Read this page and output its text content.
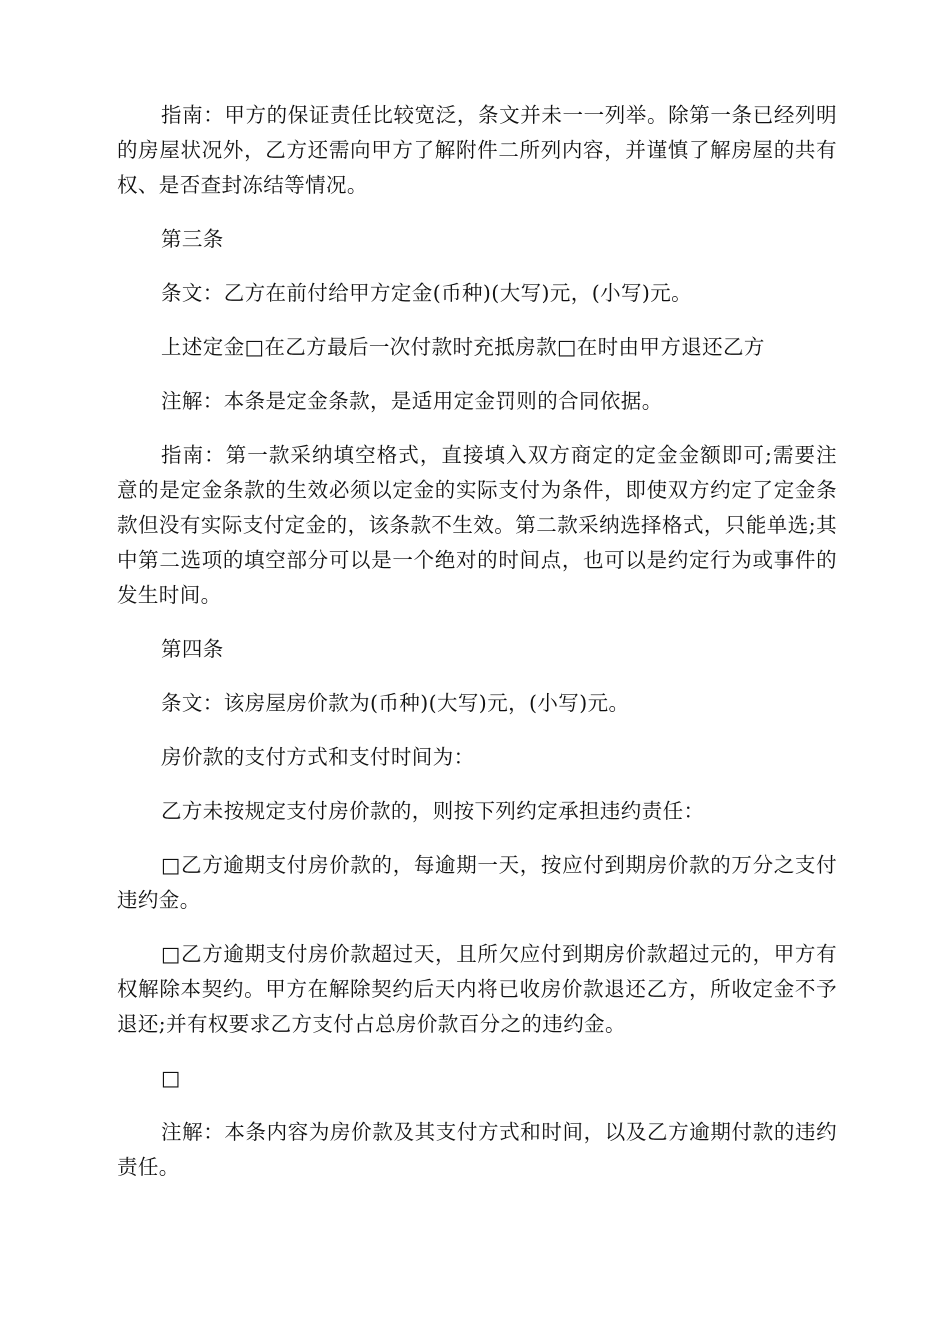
指南：甲方的保证责任比较宽泛，条文并未一一列举。除第一条已经列明的房屋状况外，乙方还需向甲方了解附件二所列内容，并谨慎了解房屋的共有权、是否查封冻结等情况。

第三条

条文：乙方在前付给甲方定金(币种)(大写)元，(小写)元。

上述定金□在乙方最后一次付款时充抵房款□在时由甲方退还乙方

注解：本条是定金条款，是适用定金罚则的合同依据。

指南：第一款采纳填空格式，直接填入双方商定的定金金额即可;需要注意的是定金条款的生效必须以定金的实际支付为条件，即使双方约定了定金条款但没有实际支付定金的，该条款不生效。第二款采纳选择格式，只能单选;其中第二选项的填空部分可以是一个绝对的时间点，也可以是约定行为或事件的发生时间。

第四条

条文：该房屋房价款为(币种)(大写)元，(小写)元。

房价款的支付方式和支付时间为：

乙方未按规定支付房价款的，则按下列约定承担违约责任：

□乙方逾期支付房价款的，每逾期一天，按应付到期房价款的万分之支付违约金。

□乙方逾期支付房价款超过天，且所欠应付到期房价款超过元的，甲方有权解除本契约。甲方在解除契约后天内将已收房价款退还乙方，所收定金不予退还;并有权要求乙方支付占总房价款百分之的违约金。

□

注解：本条内容为房价款及其支付方式和时间，以及乙方逾期付款的违约责任。
